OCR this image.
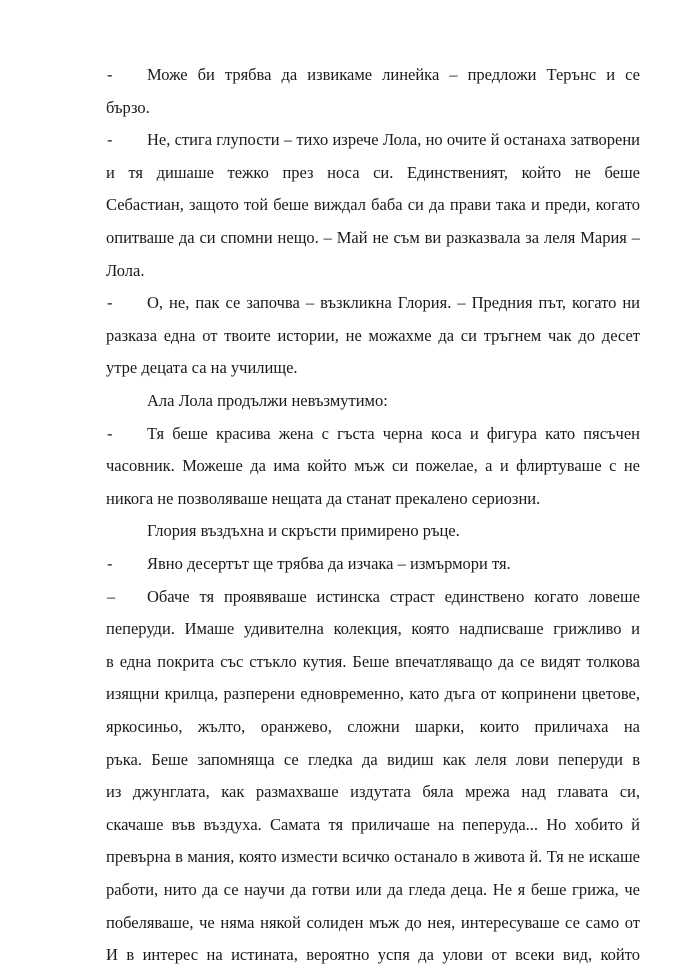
- Може би трябва да извикаме линейка – предложи Терънс и се
бързо.
- Не, стига глупости – тихо изрече Лола, но очите й останаха затворени
и тя дишаше тежко през носа си. Единственият, който не беше
Себастиан, защото той беше виждал баба си да прави така и преди, когато
опитваше да си спомни нещо. – Май не съм ви разказвала за леля Мария –
Лола.
- О, не, пак се започва – възкликна Глория. – Предния път, когато ни
разказа една от твоите истории, не можахме да си тръгнем чак до десет
утре децата са на училище.
Ала Лола продължи невъзмутимо:
- Тя беше красива жена с гъста черна коса и фигура като пясъчен
часовник. Можеше да има който мъж си пожелае, а и флиртуваше с не
никога не позволяваше нещата да станат прекалено сериозни.
Глория въздъхна и скръсти примирено ръце.
- Явно десертът ще трябва да изчака – измърмори тя.
– Обаче тя проявяваше истинска страст единствено когато ловеше
пеперуди. Имаше удивителна колекция, която надписваше грижливо и
в една покрита със стъкло кутия. Беше впечатляващо да се видят толкова
изящни крилца, разперени едновременно, като дъга от копринени цветове,
яркосиньо, жълто, оранжево, сложни шарки, които приличаха на
ръка. Беше запомняща се гледка да видиш как леля лови пеперуди в
из джунглата, как размахваше издутата бяла мрежа над главата си,
скачаше във въздуха. Самата тя приличаше на пеперуда... Но хобито й
превърна в мания, която измести всичко останало в живота й. Тя не искаше
работи, нито да се научи да готви или да гледа деца. Не я беше грижа, че
побеляваше, че няма някой солиден мъж до нея, интересуваше се само от
И в интерес на истината, вероятно успя да улови от всеки вид, който
